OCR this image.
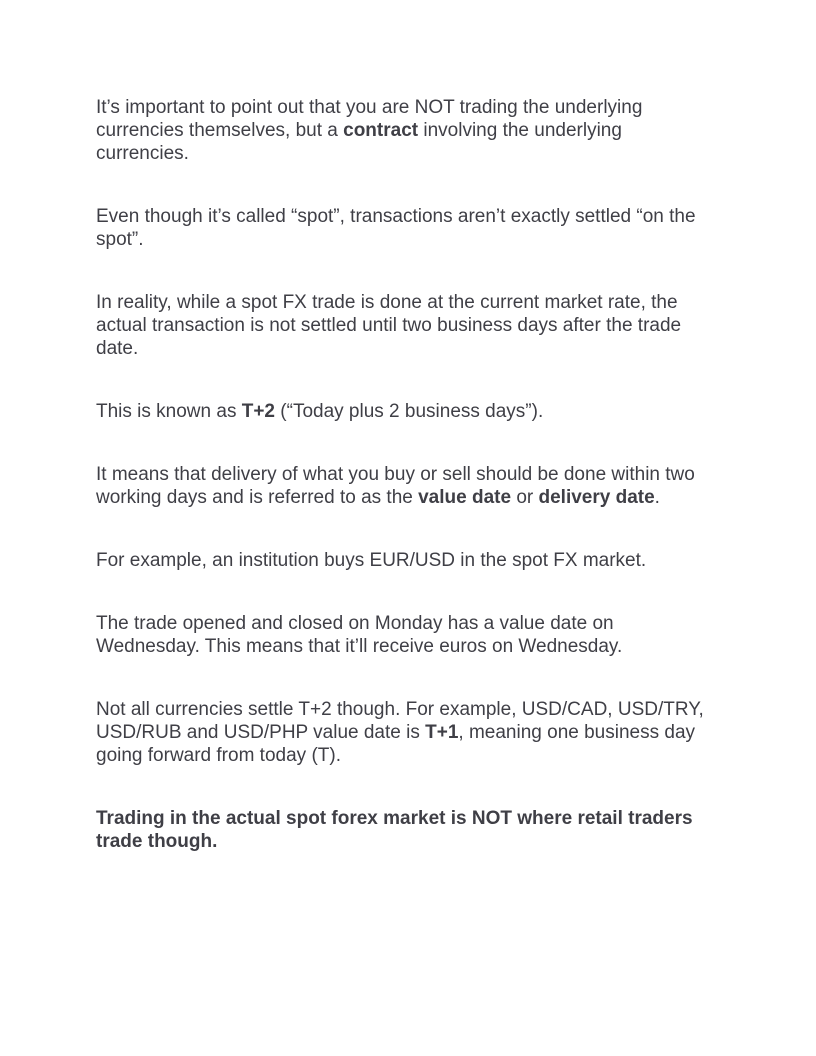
It’s important to point out that you are NOT trading the underlying currencies themselves, but a contract involving the underlying currencies.

Even though it’s called “spot”, transactions aren’t exactly settled “on the spot”.

In reality, while a spot FX trade is done at the current market rate, the actual transaction is not settled until two business days after the trade date.

This is known as T+2 (“Today plus 2 business days”).

It means that delivery of what you buy or sell should be done within two working days and is referred to as the value date or delivery date.

For example, an institution buys EUR/USD in the spot FX market.

The trade opened and closed on Monday has a value date on Wednesday. This means that it’ll receive euros on Wednesday.

Not all currencies settle T+2 though. For example, USD/CAD, USD/TRY, USD/RUB and USD/PHP value date is T+1, meaning one business day going forward from today (T).

Trading in the actual spot forex market is NOT where retail traders trade though.
